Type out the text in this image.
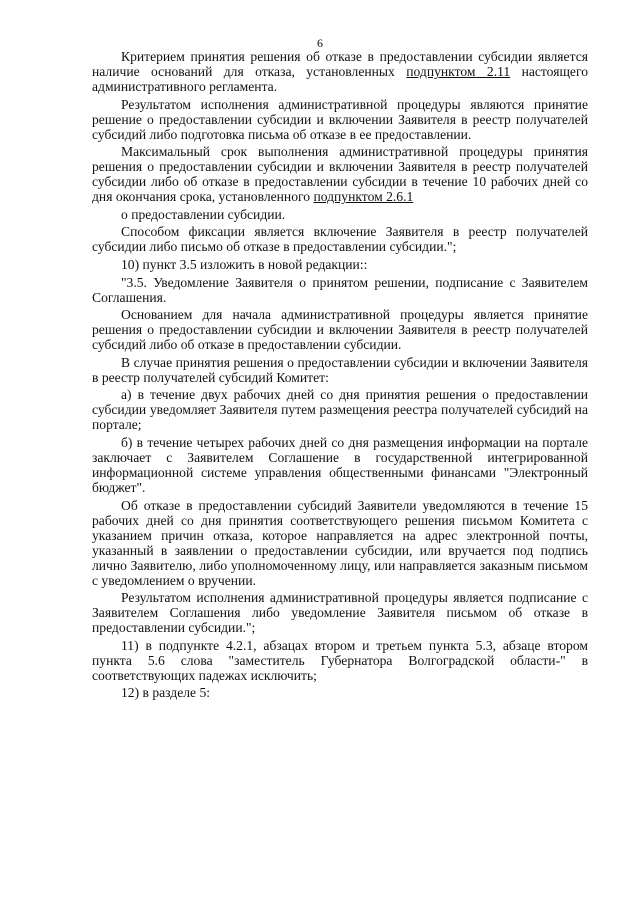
6

Критерием принятия решения об отказе в предоставлении субсидии является наличие оснований для отказа, установленных подпунктом 2.11 настоящего административного регламента.

Результатом исполнения административной процедуры являются принятие решение о предоставлении субсидии и включении Заявителя в реестр получателей субсидий либо подготовка письма об отказе в ее предоставлении.

Максимальный срок выполнения административной процедуры принятия решения о предоставлении субсидии и включении Заявителя в реестр получателей субсидии либо об отказе в предоставлении субсидии в течение 10 рабочих дней со дня окончания срока, установленного подпунктом 2.6.1

о предоставлении субсидии.

Способом фиксации является включение Заявителя в реестр получателей субсидии либо письмо об отказе в предоставлении субсидии.";

10) пункт 3.5 изложить в новой редакции::

"3.5. Уведомление Заявителя о принятом решении, подписание с Заявителем Соглашения.

Основанием для начала административной процедуры является принятие решения о предоставлении субсидии и включении Заявителя в реестр получателей субсидий либо об отказе в предоставлении субсидии.

В случае принятия решения о предоставлении субсидии и включении Заявителя в реестр получателей субсидий Комитет:

а) в течение двух рабочих дней со дня принятия решения о предоставлении субсидии уведомляет Заявителя путем размещения реестра получателей субсидий на портале;

б) в течение четырех рабочих дней со дня размещения информации на портале заключает с Заявителем Соглашение в государственной интегрированной информационной системе управления общественными финансами "Электронный бюджет".

Об отказе в предоставлении субсидий Заявители уведомляются в течение 15 рабочих дней со дня принятия соответствующего решения письмом Комитета с указанием причин отказа, которое направляется на адрес электронной почты, указанный в заявлении о предоставлении субсидии, или вручается под подпись лично Заявителю, либо уполномоченному лицу, или направляется заказным письмом с уведомлением о вручении.

Результатом исполнения административной процедуры является подписание с Заявителем Соглашения либо уведомление Заявителя письмом об отказе в предоставлении субсидии.";

11) в подпункте 4.2.1, абзацах втором и третьем пункта 5.3, абзаце втором пункта 5.6 слова "заместитель Губернатора Волгоградской области-" в соответствующих падежах исключить;

12) в разделе 5:
